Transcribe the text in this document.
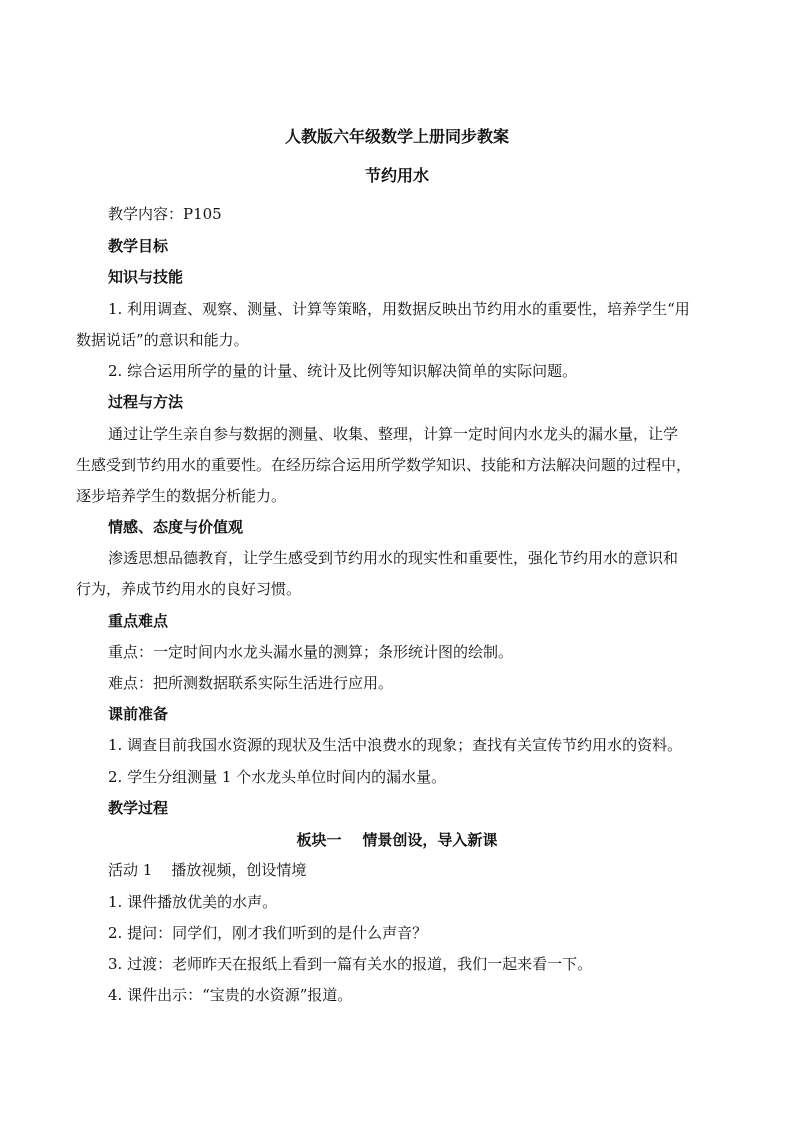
人教版六年级数学上册同步教案
节约用水
教学内容：P105
教学目标
知识与技能
1. 利用调查、观察、测量、计算等策略，用数据反映出节约用水的重要性，培养学生“用
数据说话”的意识和能力。
2. 综合运用所学的量的计量、统计及比例等知识解决简单的实际问题。
过程与方法
通过让学生亲自参与数据的测量、收集、整理，计算一定时间内水龙头的漏水量，让学
生感受到节约用水的重要性。在经历综合运用所学数学知识、技能和方法解决问题的过程中，
逐步培养学生的数据分析能力。
情感、态度与价值观
渗透思想品德教育，让学生感受到节约用水的现实性和重要性，强化节约用水的意识和
行为，养成节约用水的良好习惯。
重点难点
重点：一定时间内水龙头漏水量的测算；条形统计图的绘制。
难点：把所测数据联系实际生活进行应用。
课前准备
1. 调查目前我国水资源的现状及生活中浪费水的现象；查找有关宣传节约用水的资料。
2. 学生分组测量 1 个水龙头单位时间内的漏水量。
教学过程
板块一    情景创设，导入新课
活动 1    播放视频，创设情境
1. 课件播放优美的水声。
2. 提问：同学们，刚才我们听到的是什么声音？
3. 过渡：老师昨天在报纸上看到一篇有关水的报道，我们一起来看一下。
4. 课件出示：“宝贵的水资源”报道。
